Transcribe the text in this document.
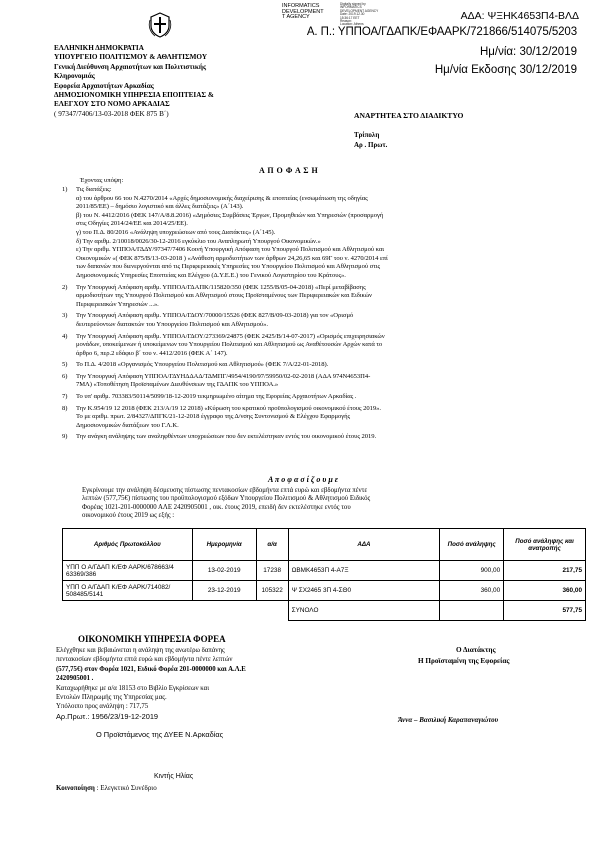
INFORMATICS
DEVELOPMENT
T AGENCY
Digitally signed by
INFORMATICS
DEVELOPMENT AGENCY
Date: 2019.12.30
15:36:17 EET
Reason:
Location: Athens
ΑΔΑ: ΨΞΗΚ4653Π4-ΒΛΔ
Α. Π.: ΥΠΠΟΑ/ΓΔΑΠΚ/ΕΦΑΑΡΚ/721866/514075/5203
Ημ/νία: 30/12/2019
Ημ/νία Εκδοσης 30/12/2019

ΕΛΛΗΝΙΚΗ ΔΗΜΟΚΡΑΤΙΑ

ΥΠΟΥΡΓΕΙΟ ΠΟΛΙΤΙΣΜΟΥ & ΑΘΛΗΤΙΣΜΟΥ

Γενική Διεύθυνση Αρχαιοτήτων και Πολιτιστικής

Κληρονομιάς

Εφορεία Αρχαιοτήτων Αρκαδίας

ΔΗΜΟΣΙΟΝΟΜΙΚΗ ΥΠΗΡΕΣΙΑ ΕΠΟΠΤΕΙΑΣ &

ΕΛΕΓΧΟΥ ΣΤΟ ΝΟΜΟ ΑΡΚΑΔΙΑΣ

( 97347/7406/13-03-2018 ΦΕΚ 875 Β΄)	ΑΝΑΡΤΗΤΕΑ ΣΤΟ ΔΙΑΔΙΚΤΥΟ
Τρίπολη
Αρ . Πρωτ.
Α Π Ο Φ Α Σ Η
Έχοντας υπόψη:
1) Τις διατάξεις:
α) του άρθρου 66 του Ν.4270/2014 «Αρχές δημοσιονομικής διαχείρισης & εποπτείας (ενσωμάτωση της οδηγίας
2011/85/ΕΕ) – δημόσιο λογιστικό και άλλες διατάξεις» (Α΄143).
β) του Ν. 4412/2016 (ΦΕΚ 147/Α/8.8.2016) «Δημόσιες Συμβάσεις Έργων, Προμηθειών και Υπηρεσιών (προσαρμογή
στις Οδηγίες 2014/24/ΕΕ και 2014/25/ΕΕ).
γ) του Π.Δ. 80/2016 «Ανάληψη υποχρεώσεων από τους Διατάκτες» (Α΄145).
δ) Την αριθμ. 2/10018/0026/30-12-2016 εγκύκλιο του Αναπληρωτή Υπουργού Οικονομικών.»
ε) Την αριθμ. ΥΠΠΟΑ/ΓΔΔΥ/97347/7406 Κοινή Υπουργική Απόφαση του Υπουργού Πολιτισμού και Αθλητισμού και
Οικονομικών «( ΦΕΚ 875/Β/13-03-2018 ) «Ανάθεση αρμοδιοτήτων των άρθρων 24,26,65 και 69Γ του ν. 4270/2014 επί
των δαπανών που διενεργούνται από τις Περιφερειακές Υπηρεσίες του Υπουργείου Πολιτισμού και Αθλητισμού στις
Δημοσιονομικές Υπηρεσίες Εποπτείας και Ελέγχου (Δ.Υ.Ε.Ε.) του Γενικού Λογιστηρίου του Κράτους».
2) Την Υπουργική Απόφαση αριθμ. ΥΠΠΟΑ/ΓΔΑΠΚ/115820/350 (ΦΕΚ 1255/Β/05-04-2018) «Περί μεταβίβασης
αρμοδιοτήτων της Υπουργού Πολιτισμού και Αθλητισμού στους Προϊσταμένους των Περιφερειακών και Ειδικών
Περιφερειακών Υπηρεσιών ...».
3) Την Υπουργική Απόφαση αριθμ. ΥΠΠΟΑ/ΓΔΟΥ/70000/15526 (ΦΕΚ 827/Β/09-03-2018) για τον «Ορισμό
δευτερεύοντων διατακτών του Υπουργείου Πολιτισμού και Αθλητισμού».
4) Την Υπουργική Απόφαση αριθμ. ΥΠΠΟΑ/ΓΔΟΥ/273369/24875 (ΦΕΚ 2425/Β/14-07-2017) «Ορισμός επιχειρησιακών
μονάδων, υποκείμενων ή υποκείμενων του Υπουργείου Πολιτισμού και Αθλητισμού ως Αναθέτουσών Αρχών κατά το
άρθρο 6, περ.2 εδάφιο β΄ του ν. 4412/2016 (ΦΕΚ Α΄ 147).
5) Το Π.Δ. 4/2018 «Οργανισμός Υπουργείου Πολιτισμού και Αθλητισμού» (ΦΕΚ 7/Α/22-01-2018).
6) Την Υπουργική Απόφαση ΥΠΠΟΑ/ΓΔΥΗΔΔΑΔ/ΤΔΜΠΓ/4954/4190/97/59950/02-02-2018 (ΑΔΑ 974Ν4653Π4-
7ΜΛ) «Τοποθέτηση Προϊσταμένων Διευθύνσεων της ΓΔΑΠΚ του ΥΠΠΟΑ.»
7) Το υπ' αριθμ. 703383/50114/5099/18-12-2019 τεκμηριωμένο αίτημα της Εφορείας Αρχαιοτήτων Αρκαδίας .
8) Την Κ.954/19 12 2018 (ΦΕΚ 213/Α/19 12 2018) «Κύρωση του κρατικού προϋπολογισμού οικονομικού έτους 2019».
Το με αριθμ. πρωτ. 2/84327/ΔΠΓΚ/21-12-2018 έγγραφο της Δ/νσης Συντονισμού & Ελέγχου Εφαρμογής
Δημοσιονομικών διατάξεων του Γ.Λ.Κ.
9) Την ανάγκη ανάληψης των αναληφθέντων υποχρεώσεων που δεν εκτελέστηκαν εντός του οικονομικού έτους 2019.
Α π ο φ α σ ί ζ ο υ μ ε

Εγκρίνουμε την ανάληψη δέσμευσης πίστωσης πεντακοσίων εβδομήντα επτά ευρώ και εβδομήντα πέντε

λεπτών (577,75€) πίστωσης του προϋπολογισμού εξόδων Υπουργείου Πολιτισμού & Αθλητισμού Ειδικός

Φορέας 1021-201-0000000 ΑΛΕ 2420905001 , οικ. έτους 2019, επειδή δεν εκτελέστηκε εντός του

οικονομικού έτους 2019 ως εξής :

Αριθμός Πρωτοκόλλου	Ημερομηνία	α/α	ΑΔΑ	Ποσό ανάληψης	Ποσό ανάληψης και ανατροπής
ΥΠΠ Ο Α/ΓΔΑΠ Κ/ΕΦ ΑΑΡΚ/678663/4 63369/386	13-02-2019	17238	ΩΒΜΚ4653Π 4-Α7Ξ	900,00	217,75
ΥΠΠ Ο Α/ΓΔΑΠ Κ/ΕΦ ΑΑΡΚ/714082/ 508485/5141	23-12-2019	105322	Ψ ΣΧ2465 3Π 4-ΣΘ0	360,00	360,00
			ΣΥΝΟΛΟ		577,75
ΟΙΚΟΝΟΜΙΚΗ ΥΠΗΡΕΣΙΑ ΦΟΡΕΑ

Ελέγχθηκε και βεβαιώνεται η ανάληψη της ανωτέρω δαπάνης

πεντακοσίων εβδομήντα επτά ευρώ και εβδομήντα πέντε λεπτών

(577,75€) στον Φορέα 1021, Ειδικό Φορέα 201-0000000 και Α.Λ.Ε

2420905001 .

Καταχωρήθηκε με α/α 18153 στο Βιβλίο Εγκρίσεων και

Εντολών Πληρωμής της Υπηρεσίας μας.

Υπόλοιπο προς ανάληψη : 717,75

Αρ.Πρωτ.: 1956/23/19-12-2019

Ο Προϊστάμενος της ΔΥΕΕ Ν.Αρκαδίας
Κιντής Ηλίας
Ο Διατάκτης
Η Προϊσταμένη της Εφορείας
Άννα – Βασιλική Καραπαναγιώτου
Κοινοποίηση : Ελεγκτικό Συνέδριο
